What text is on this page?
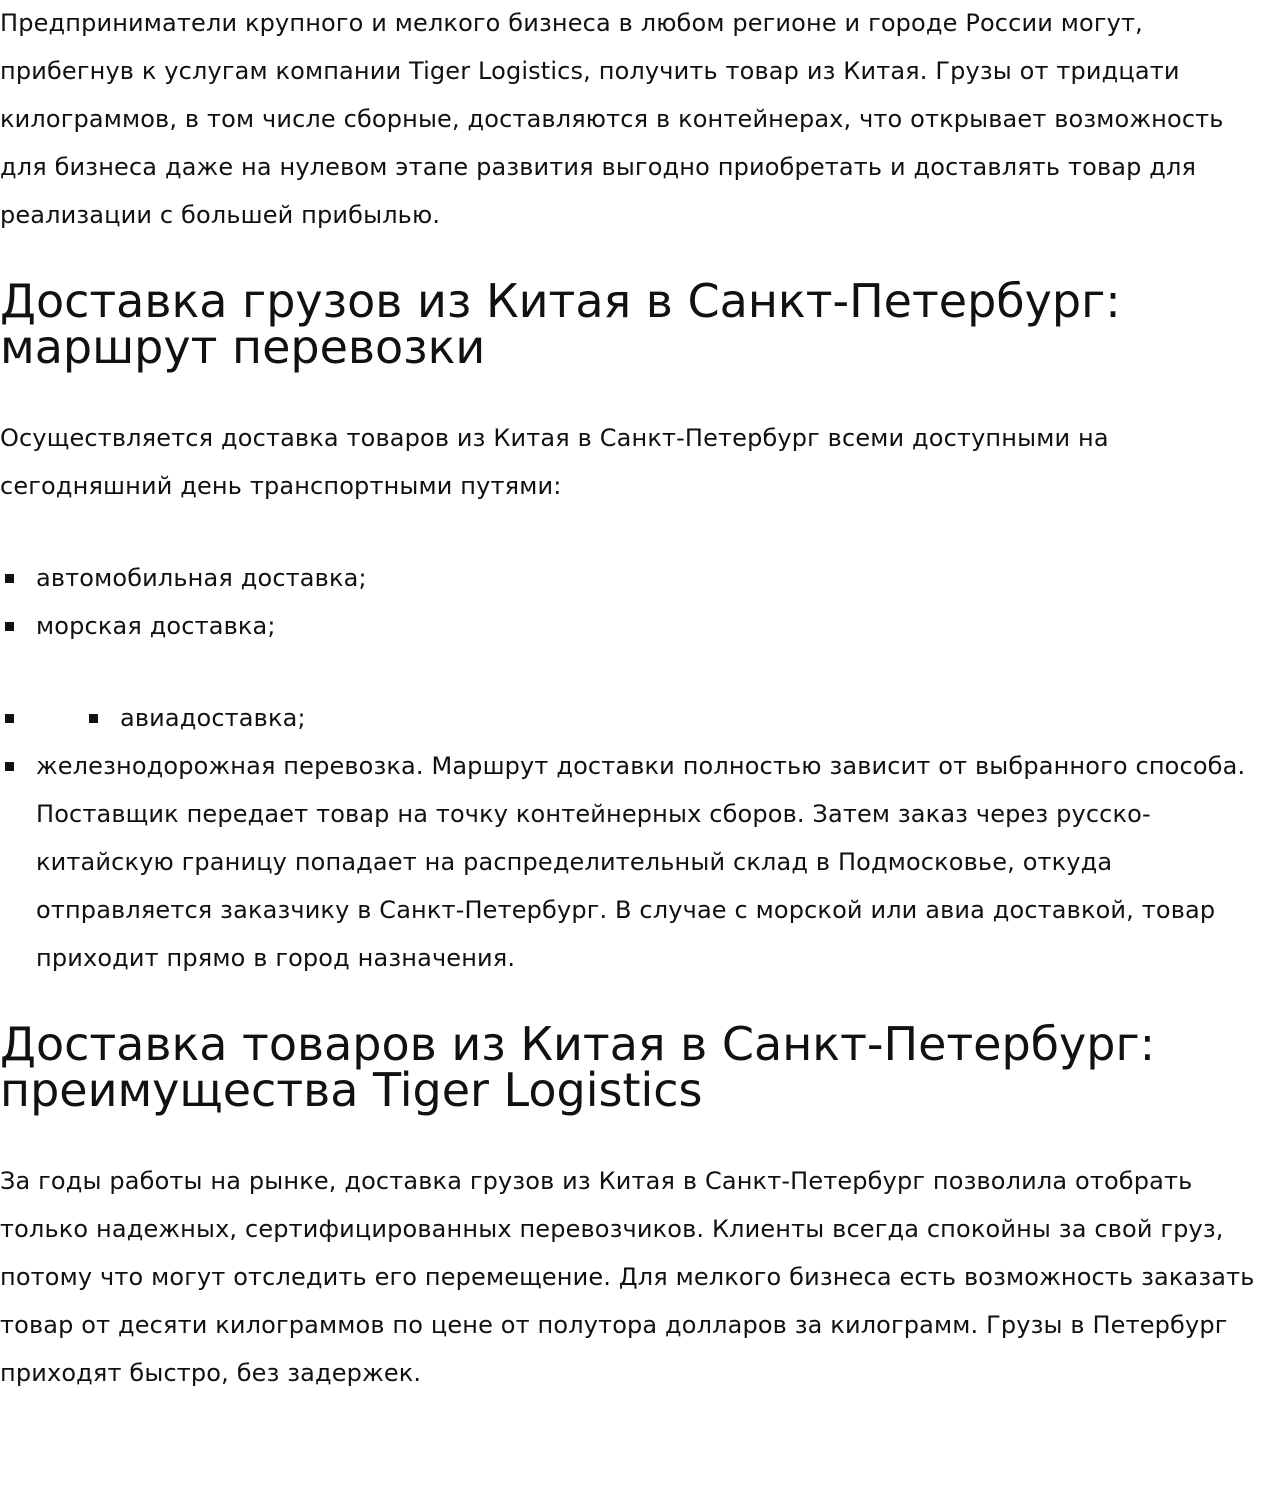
Предприниматели крупного и мелкого бизнеса в любом регионе и городе России могут, прибегнув к услугам компании Tiger Logistics, получить товар из Китая. Грузы от тридцати килограммов, в том числе сборные, доставляются в контейнерах, что открывает возможность для бизнеса даже на нулевом этапе развития выгодно приобретать и доставлять товар для реализации с большей прибылью.

Доставка грузов из Китая в Санкт-Петербург: маршрут перевозки

Осуществляется доставка товаров из Китая в Санкт-Петербург всеми доступными на сегодняшний день транспортными путями:

автомобильная доставка;
морская доставка;
авиадоставка;
железнодорожная перевозка. Маршрут доставки полностью зависит от выбранного способа. Поставщик передает товар на точку контейнерных сборов. Затем заказ через русско-китайскую границу попадает на распределительный склад в Подмосковье, откуда отправляется заказчику в Санкт-Петербург. В случае с морской или авиа доставкой, товар приходит прямо в город назначения.
Доставка товаров из Китая в Санкт-Петербург: преимущества Tiger Logistics

За годы работы на рынке, доставка грузов из Китая в Санкт-Петербург позволила отобрать только надежных, сертифицированных перевозчиков. Клиенты всегда спокойны за свой груз, потому что могут отследить его перемещение. Для мелкого бизнеса есть возможность заказать товар от десяти килограммов по цене от полутора долларов за килограмм. Грузы в Петербург приходят быстро, без задержек.
